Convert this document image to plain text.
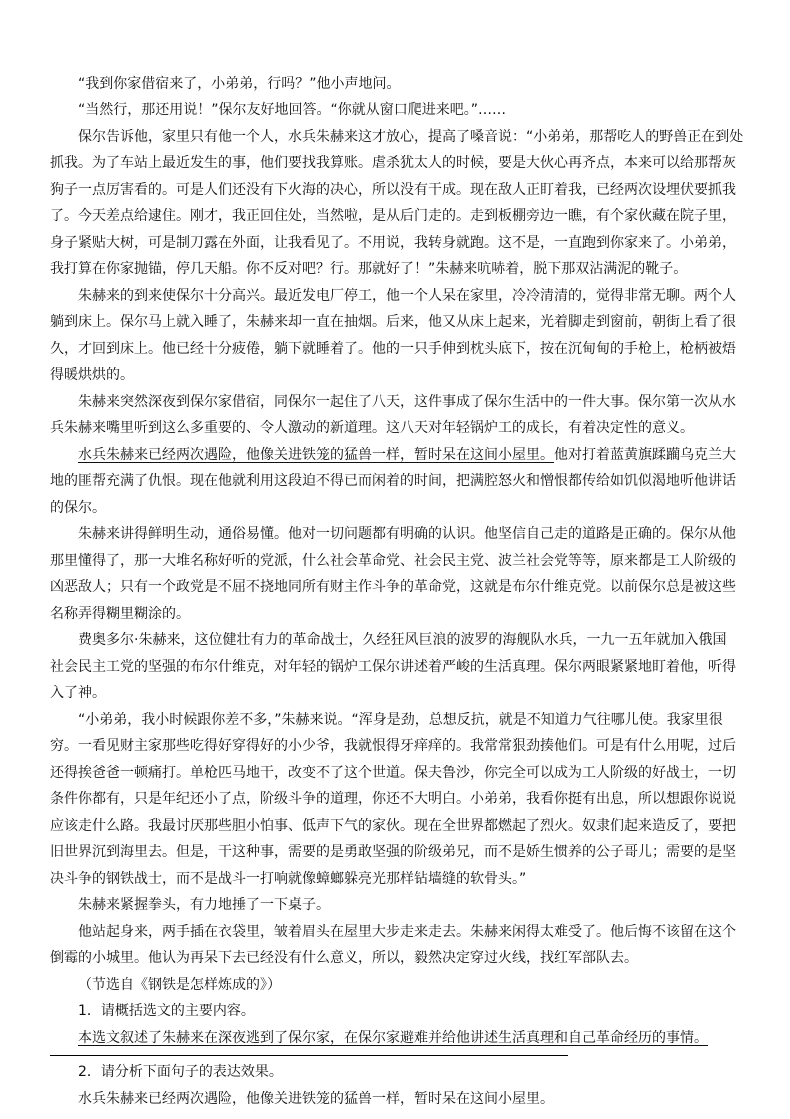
“我到你家借宿来了，小弟弟，行吗？”他小声地问。
“当然行，那还用说！”保尔友好地回答。“你就从窗口爬进来吧。”……
保尔告诉他，家里只有他一个人，水兵朱赫来这才放心，提高了嗓音说：“小弟弟，那帮吃人的野兽正在到处
抓我。为了车站上最近发生的事，他们要找我算账。虐杀犹太人的时候，要是大伙心再齐点，本来可以给那帮灰
狗子一点厉害看的。可是人们还没有下火海的决心，所以没有干成。现在敌人正盯着我，已经两次设埋伏要抓我
了。今天差点给逮住。刚才，我正回住处，当然啦，是从后门走的。走到板棚旁边一瞧，有个家伙藏在院子里，
身子紧贴大树，可是制刀露在外面，让我看见了。不用说，我转身就跑。这不是，一直跑到你家来了。小弟弟，
我打算在你家抛锚，停几天船。你不反对吧？行。那就好了！”朱赫来吭哧着，脱下那双沾满泥的靴子。
朱赫来的到来使保尔十分高兴。最近发电厂停工，他一个人呆在家里，冷冷清清的，觉得非常无聊。两个人
躺到床上。保尔马上就入睡了，朱赫来却一直在抽烟。后来，他又从床上起来，光着脚走到窗前，朝街上看了很
久，才回到床上。他已经十分疲倦，躺下就睡着了。他的一只手伸到枕头底下，按在沉甸甸的手枪上，枪柄被焐
得暖烘烘的。
朱赫来突然深夜到保尔家借宿，同保尔一起住了八天，这件事成了保尔生活中的一件大事。保尔第一次从水
兵朱赫来嘴里听到这么多重要的、令人激动的新道理。这八天对年轻锅炉工的成长，有着决定性的意义。
水兵朱赫来已经两次遇险，他像关进铁笼的猛兽一样，暂时呆在这间小屋里。他对打着蓝黄旗蹂躏乌克兰大
地的匪帮充满了仇恨。现在他就利用这段迫不得已而闲着的时间，把满腔怒火和憎恨都传给如饥似渴地听他讲话
的保尔。
朱赫来讲得鲜明生动，通俗易懂。他对一切问题都有明确的认识。他坚信自己走的道路是正确的。保尔从他
那里懂得了，那一大堆名称好听的党派，什么社会革命党、社会民主党、波兰社会党等等，原来都是工人阶级的
凶恶敌人；只有一个政党是不屈不挠地同所有财主作斗争的革命党，这就是布尔什维克党。以前保尔总是被这些
名称弄得糊里糊涂的。
费奥多尔·朱赫来，这位健壮有力的革命战士，久经狂风巨浪的波罗的海舰队水兵，一九一五年就加入俄国
社会民主工党的坚强的布尔什维克，对年轻的锅炉工保尔讲述着严峻的生活真理。保尔两眼紧紧地盯着他，听得
入了神。
“小弟弟，我小时候跟你差不多，”朱赫来说。“浑身是劲，总想反抗，就是不知道力气往哪儿使。我家里很
穷。一看见财主家那些吃得好穿得好的小少爷，我就恨得牙痒痒的。我常常狠劲揍他们。可是有什么用呢，过后
还得挨爸爸一顿痛打。单枪匹马地干，改变不了这个世道。保夫鲁沙，你完全可以成为工人阶级的好战士，一切
条件你都有，只是年纪还小了点，阶级斗争的道理，你还不大明白。小弟弟，我看你挺有出息，所以想跟你说说
应该走什么路。我最讨厌那些胆小怕事、低声下气的家伙。现在全世界都燃起了烈火。奴隶们起来造反了，要把
旧世界沉到海里去。但是，干这种事，需要的是勇敢坚强的阶级弟兄，而不是娇生惯养的公子哥儿；需要的是坚
决斗争的钢铁战士，而不是战斗一打响就像蟑螂躲亮光那样钻墙缝的软骨头。”
朱赫来紧握拳头，有力地捶了一下桌子。
他站起身来，两手插在衣袋里，皱着眉头在屋里大步走来走去。朱赫来闲得太难受了。他后悔不该留在这个
倒霉的小城里。他认为再呆下去已经没有什么意义，所以，毅然决定穿过火线，找红军部队去。
（节选自《钢铁是怎样炼成的》）
1．请概括选文的主要内容。
本选文叙述了朱赫来在深夜逃到了保尔家，在保尔家避难并给他讲述生活真理和自己革命经历的事情。
2．请分析下面句子的表达效果。
水兵朱赫来已经两次遇险，他像关进铁笼的猛兽一样，暂时呆在这间小屋里。
